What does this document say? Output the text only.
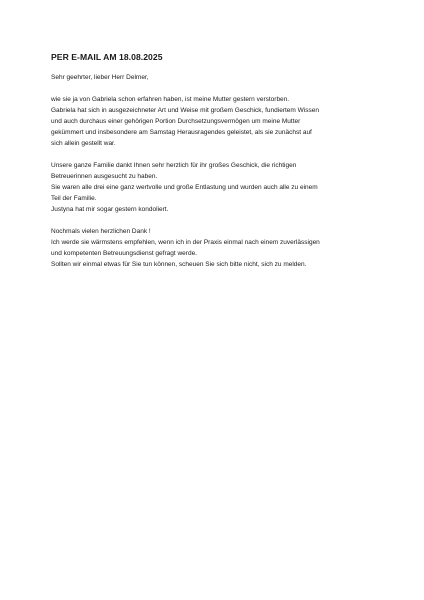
PER E-MAIL AM 18.08.2025

Sehr geehrter, lieber Herr Delmer,

wie sie ja von Gabriela schon erfahren haben, ist meine Mutter gestern verstorben.

Gabriela hat sich in ausgezeichneter Art und Weise mit großem Geschick, fundiertem Wissen

und auch durchaus einer gehörigen Portion Durchsetzungsvermögen um meine Mutter

gekümmert und insbesondere am Samstag Herausragendes geleistet, als sie zunächst auf

sich allein gestellt war.

Unsere ganze Familie dankt Ihnen sehr herzlich für ihr großes Geschick, die richtigen

Betreuerinnen ausgesucht zu haben.

Sie waren alle drei eine ganz wertvolle und große Entlastung und wurden auch alle zu einem

Teil der Familie.

Justyna hat mir sogar gestern kondoliert.

Nochmals vielen herzlichen Dank !

Ich werde sie wärmstens empfehlen, wenn ich in der Praxis einmal nach einem zuverlässigen

und kompetenten Betreuungsdienst gefragt werde.

Sollten wir einmal etwas für Sie tun können, scheuen Sie sich bitte nicht, sich zu melden.
